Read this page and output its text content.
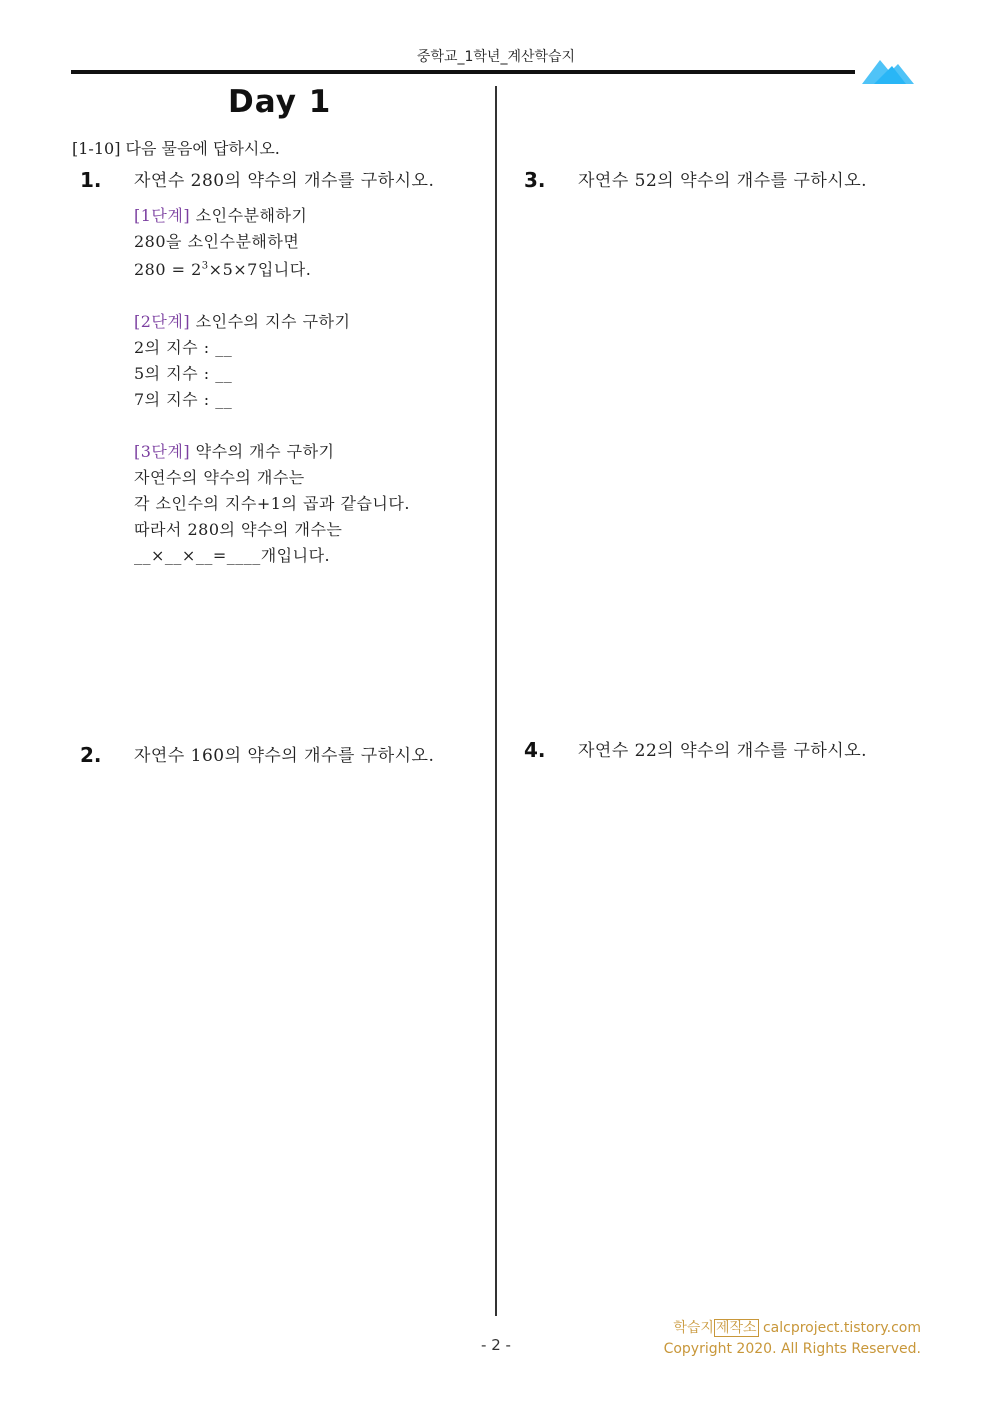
중학교_1학년_계산학습지
Day 1
[1-10] 다음 물음에 답하시오.
1. 자연수 280의 약수의 개수를 구하시오.
[1단계] 소인수분해하기
280을 소인수분해하면
$280 = 2^3\times 5\times 7$입니다.
[2단계] 소인수의 지수 구하기
2의 지수 : __
5의 지수 : __
7의 지수 : __
[3단계] 약수의 개수 구하기
자연수의 약수의 개수는
각 소인수의 지수+1의 곱과 같습니다.
따라서 280의 약수의 개수는
__×__×__=____개입니다.
2. 자연수 160의 약수의 개수를 구하시오.
3. 자연수 52의 약수의 개수를 구하시오.
4. 자연수 22의 약수의 개수를 구하시오.
- 2 -
학습지 제작소 calcproject.tistory.com
Copyright 2020. All Rights Reserved.
